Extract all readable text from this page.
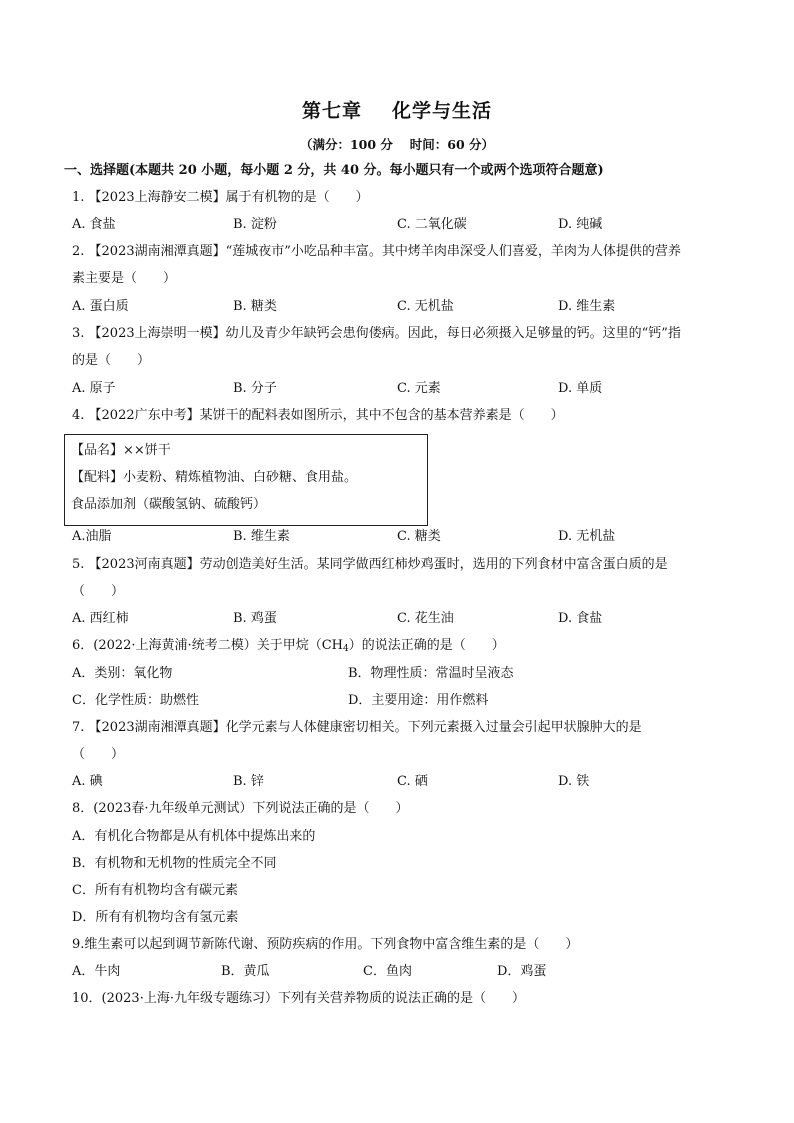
第七章 化学与生活
（满分：100 分　 时间：60 分）
一、选择题(本题共 20 小题，每小题 2 分，共 40 分。每小题只有一个或两个选项符合题意)
1. 【2023上海静安二模】属于有机物的是（　　）
A. 食盐	B. 淀粉	C. 二氧化碳	D. 纯碱
2. 【2023湖南湘潭真题】“莲城夜市”小吃品种丰富。其中烤羊肉串深受人们喜爱，羊肉为人体提供的营养
素主要是（　　）
A. 蛋白质	B. 糖类	C. 无机盐	D. 维生素
3. 【2023上海崇明一模】幼儿及青少年缺钙会患佝偻病。因此，每日必须摄入足够量的钙。这里的“钙”指
的是（　　）
A. 原子	B. 分子	C. 元素	D. 单质
4. 【2022广东中考】某饼干的配料表如图所示，其中不包含的基本营养素是（　　）
【品名】××饼干
【配料】小麦粉、精炼植物油、白砂糖、食用盐。
食品添加剂（碳酸氢钠、硫酸钙）
A.油脂	B. 维生素	C. 糖类	D. 无机盐
5. 【2023河南真题】劳动创造美好生活。某同学做西红柿炒鸡蛋时，选用的下列食材中富含蛋白质的是
（　　）
A. 西红柿	B. 鸡蛋	C. 花生油	D. 食盐
6．(2022·上海黄浦·统考二模）关于甲烷$(CH_4)$的说法正确的是（　　）
A．类别：氧化物	B．物理性质：常温时呈液态
C．化学性质：助燃性	D．主要用途：用作燃料
7. 【2023湖南湘潭真题】化学元素与人体健康密切相关。下列元素摄入过量会引起甲状腺肿大的是
（　　）
A. 碘	B. 锌	C. 硒	D. 铁
8．(2023春·九年级单元测试）下列说法正确的是（　　）
A．有机化合物都是从有机体中提炼出来的
B．有机物和无机物的性质完全不同
C．所有有机物均含有碳元素
D．所有有机物均含有氢元素
9.维生素可以起到调节新陈代谢、预防疾病的作用。下列食物中富含维生素的是（　　）
A．牛肉	B．黄瓜	C．鱼肉	D．鸡蛋
10．(2023·上海·九年级专题练习）下列有关营养物质的说法正确的是（　　）
